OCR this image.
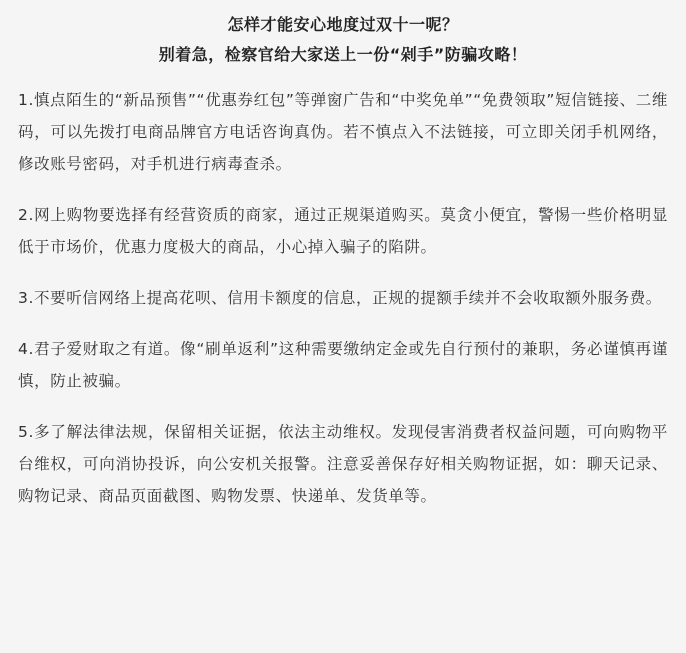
怎样才能安心地度过双十一呢？
别着急，检察官给大家送上一份“剁手”防骗攻略！

1.慎点陌生的“新品预售”“优惠券红包”等弹窗广告和“中奖免单”“免费领取”短信链接、二维码，可以先拨打电商品牌官方电话咨询真伪。若不慎点入不法链接，可立即关闭手机网络，修改账号密码，对手机进行病毒查杀。

2.网上购物要选择有经营资质的商家，通过正规渠道购买。莫贪小便宜，警惕一些价格明显低于市场价，优惠力度极大的商品，小心掉入骗子的陷阱。

3.不要听信网络上提高花呗、信用卡额度的信息，正规的提额手续并不会收取额外服务费。

4.君子爱财取之有道。像“刷单返利”这种需要缴纳定金或先自行预付的兼职，务必谨慎再谨慎，防止被骗。

5.多了解法律法规，保留相关证据，依法主动维权。发现侵害消费者权益问题，可向购物平台维权，可向消协投诉，向公安机关报警。注意妥善保存好相关购物证据，如：聊天记录、购物记录、商品页面截图、购物发票、快递单、发货单等。
